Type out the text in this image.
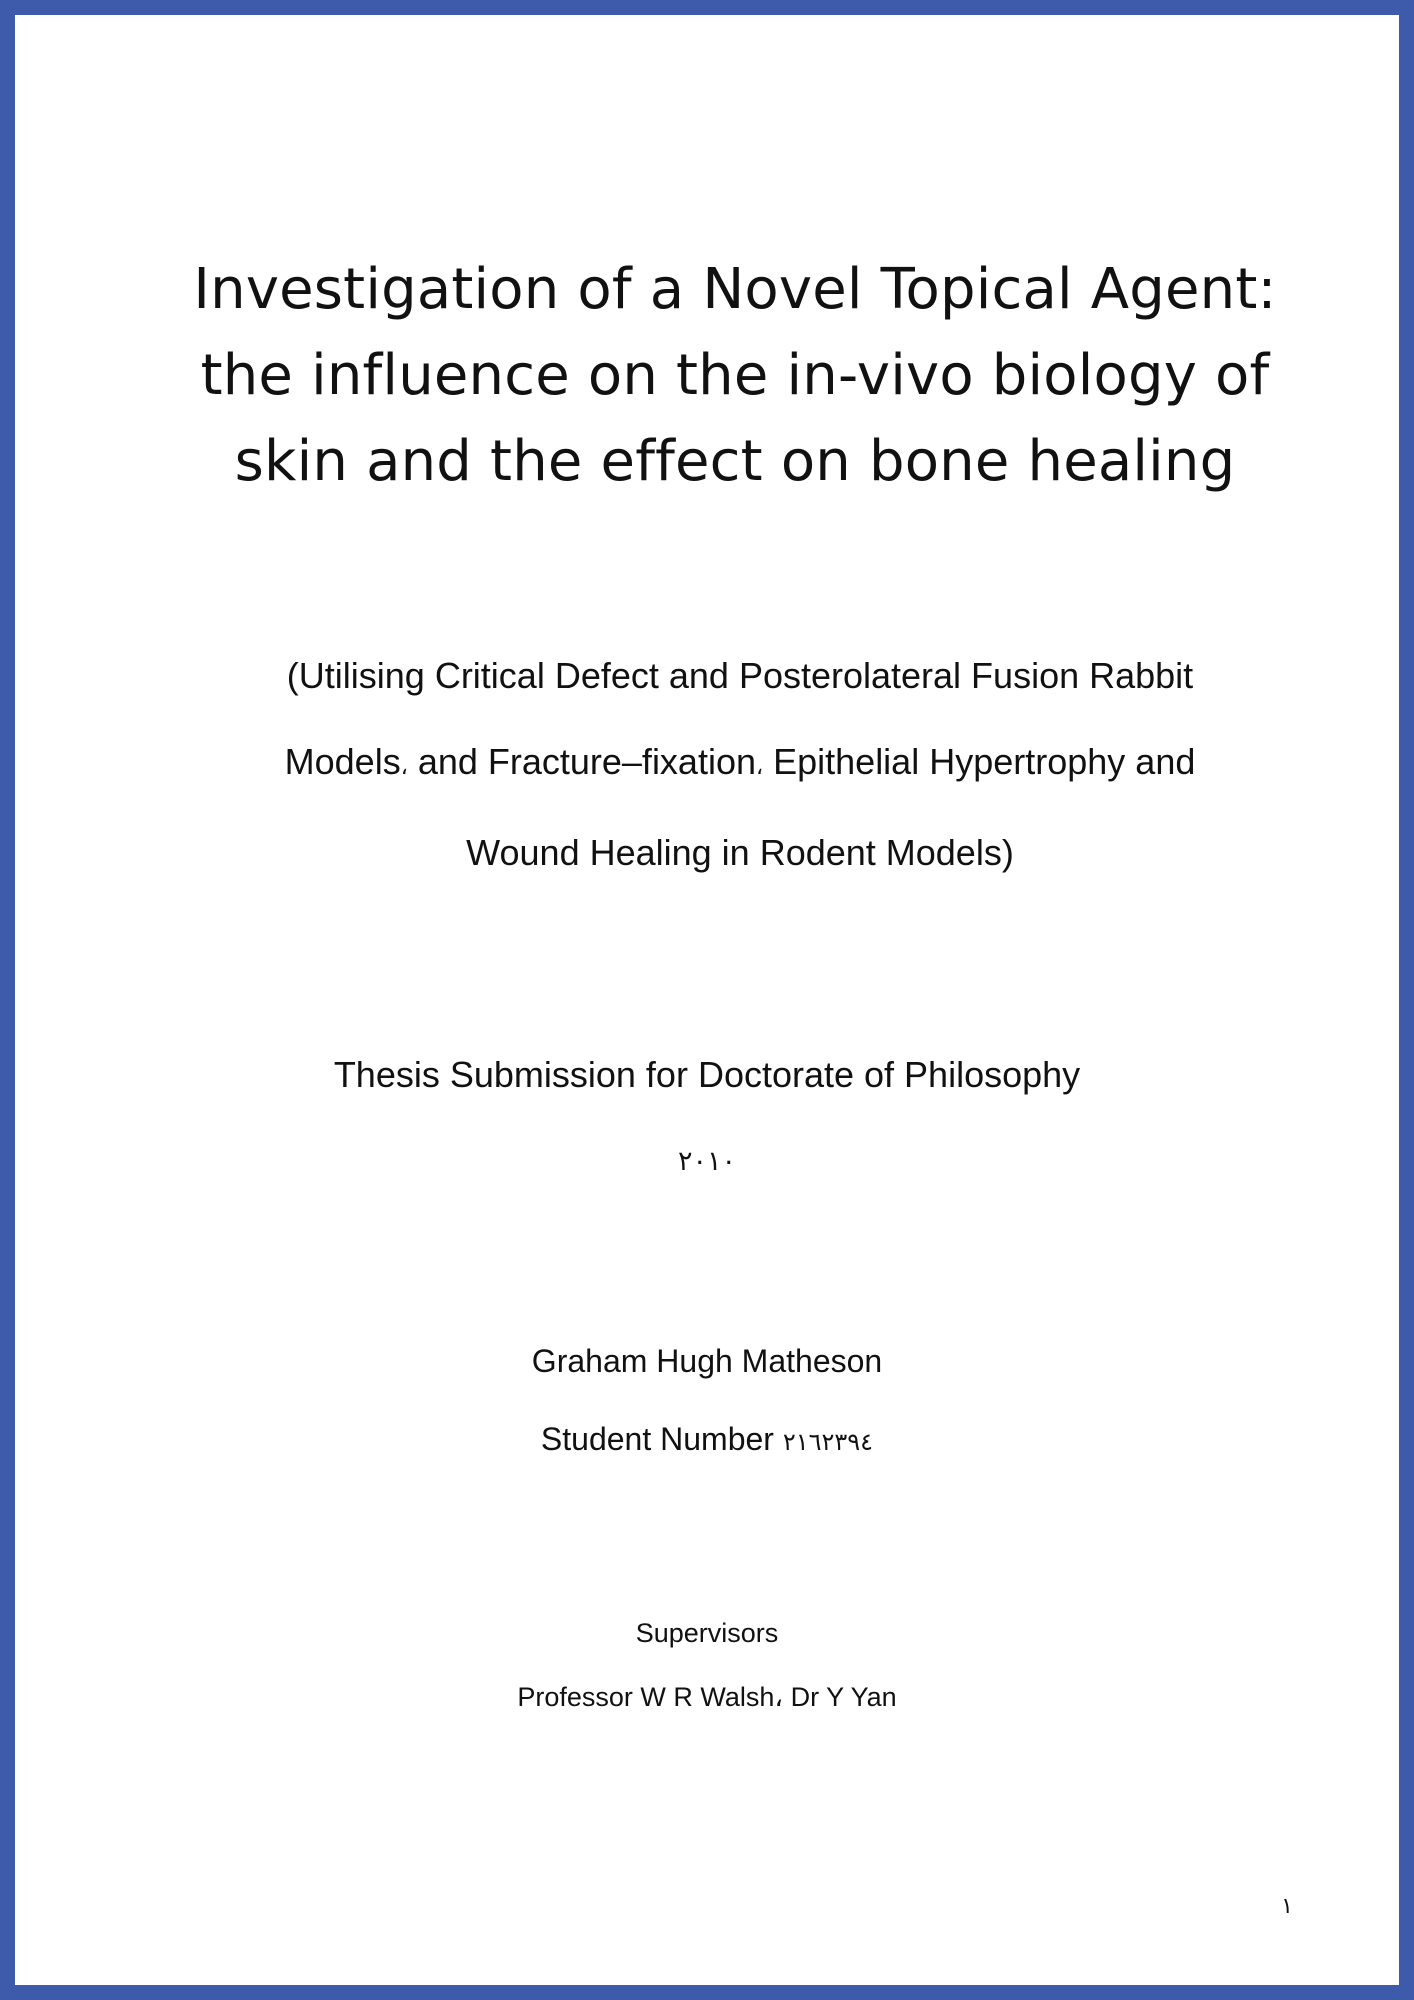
Investigation of a Novel Topical Agent:
the influence on the in-vivo biology of
skin and the effect on bone healing
(Utilising Critical Defect and Posterolateral Fusion Rabbit
Models، and Fracture–fixation، Epithelial Hypertrophy and
Wound Healing in Rodent Models)
Thesis Submission for Doctorate of Philosophy
٢٠١٠
Graham Hugh Matheson
Student Number ٢١٦٢٣٩٤
Supervisors
Professor W R Walsh، Dr Y Yan
١
